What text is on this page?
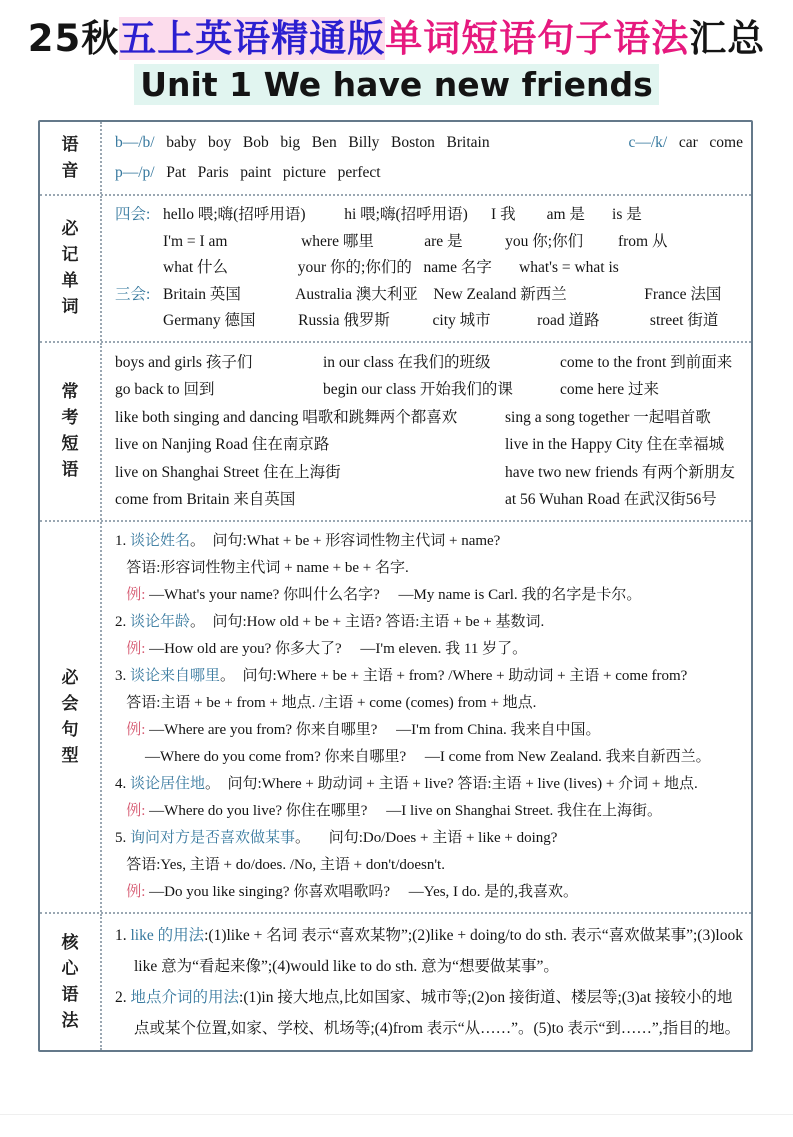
25秋五上英语精通版单词短语句子语法汇总
Unit 1 We have new friends
语
音
b—/b/ baby   boy   Bob   big   Ben   Billy   Boston   Britain	c—/k/ car   come
p—/p/ Pat   Paris   paint   picture   perfect
必
记
单
词
四会: hello 喂;嗨(招呼用语)          hi 喂;嗨(招呼用语)      I 我        am 是       is 是
I'm = I am                   where 哪里             are 是           you 你;你们         from 从
what 什么                  your 你的;你们的   name 名字       what's = what is
三会: Britain 英国              Australia 澳大利亚    New Zealand 新西兰                    France 法国
Germany 德国           Russia 俄罗斯           city 城市            road 道路             street 街道
常
考
短
语
boys and girls 孩子们	in our class 在我们的班级	come to the front 到前面来
go back to 回到	begin our class 开始我们的课	come here 过来
like both singing and dancing 唱歌和跳舞两个都喜欢	sing a song together 一起唱首歌
live on Nanjing Road 住在南京路	live in the Happy City 住在幸福城
live on Shanghai Street 住在上海街	have two new friends 有两个新朋友
come from Britain 来自英国	at 56 Wuhan Road 在武汉街56号
必
会
句
型
1. 谈论姓名。  问句:What + be + 形容词性物主代词 + name?
答语:形容词性物主代词 + name + be + 名字.
例: —What's your name? 你叫什么名字?     —My name is Carl. 我的名字是卡尔。
2. 谈论年龄。  问句:How old + be + 主语? 答语:主语 + be + 基数词.
例: —How old are you? 你多大了?     —I'm eleven. 我 11 岁了。
3. 谈论来自哪里。  问句:Where + be + 主语 + from? /Where + 助动词 + 主语 + come from?
答语:主语 + be + from + 地点. /主语 + come (comes) from + 地点.
例: —Where are you from? 你来自哪里?     —I'm from China. 我来自中国。
—Where do you come from? 你来自哪里?     —I come from New Zealand. 我来自新西兰。
4. 谈论居住地。  问句:Where + 助动词 + 主语 + live? 答语:主语 + live (lives) + 介词 + 地点.
例: —Where do you live? 你住在哪里?     —I live on Shanghai Street. 我住在上海街。
5. 询问对方是否喜欢做某事。     问句:Do/Does + 主语 + like + doing?
答语:Yes, 主语 + do/does. /No, 主语 + don't/doesn't.
例: —Do you like singing? 你喜欢唱歌吗?     —Yes, I do. 是的,我喜欢。
核
心
语
法
1. like 的用法:(1)like + 名词 表示“喜欢某物”;(2)like + doing/to do sth. 表示“喜欢做某事”;(3)look like 意为“看起来像”;(4)would like to do sth. 意为“想要做某事”。
2. 地点介词的用法:(1)in 接大地点,比如国家、城市等;(2)on 接街道、楼层等;(3)at 接较小的地点或某个位置,如家、学校、机场等;(4)from 表示“从……”。(5)to 表示“到……”,指目的地。
